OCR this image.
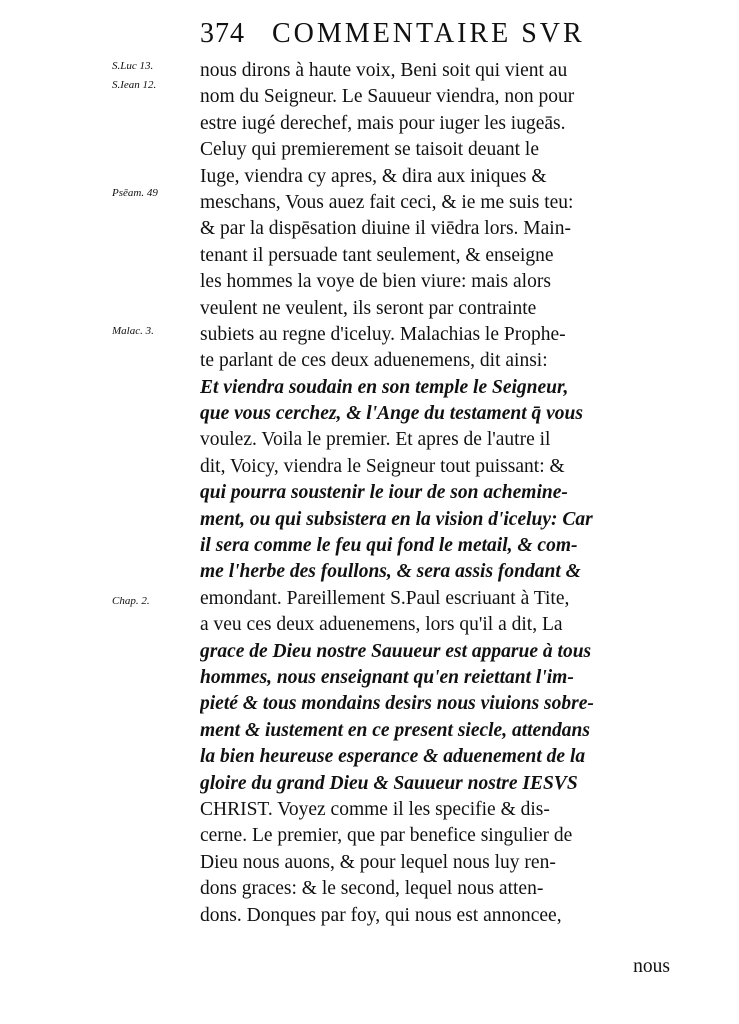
374 COMMENTAIRE SVR
S.Luc 13.
S.Iean 12.
Psēam. 49
Malac. 3.
Chap. 2.
nous dirons à haute voix, Beni soit qui vient au
nom du Seigneur. Le Sauueur viendra, non pour
estre iugé derechef, mais pour iuger les iugeās.
Celuy qui premierement se taisoit deuant le
Iuge, viendra cy apres, & dira aux iniques &
meschans, Vous auez fait ceci, & ie me suis teu:
& par la dispēsation diuine il viēdra lors. Main-
tenant il persuade tant seulement, & enseigne
les hommes la voye de bien viure: mais alors
veulent ne veulent, ils seront par contrainte
subiets au regne d'iceluy. Malachias le Prophe-
te parlant de ces deux aduenemens, dit ainsi:
Et viendra soudain en son temple le Seigneur,
que vous cerchez, & l'Ange du testament q̄ vous
voulez. Voila le premier. Et apres de l'autre il
dit, Voicy, viendra le Seigneur tout puissant: &
qui pourra soustenir le iour de son achemine-
ment, ou qui subsistera en la vision d'iceluy: Car
il sera comme le feu qui fond le metail, & com-
me l'herbe des foullons, & sera assis fondant &
emondant. Pareillement S.Paul escriuant à Tite,
a veu ces deux aduenemens, lors qu'il a dit, La
grace de Dieu nostre Sauueur est apparue à tous
hommes, nous enseignant qu'en reiettant l'im-
pieté & tous mondains desirs nous viuions sobre-
ment & iustement en ce present siecle, attendans
la bien heureuse esperance & aduenement de la
gloire du grand Dieu & Sauueur nostre IESVS
CHRIST. Voyez comme il les specifie & dis-
cerne. Le premier, que par benefice singulier de
Dieu nous auons, & pour lequel nous luy ren-
dons graces: & le second, lequel nous atten-
dons. Donques par foy, qui nous est annoncee,
nous
